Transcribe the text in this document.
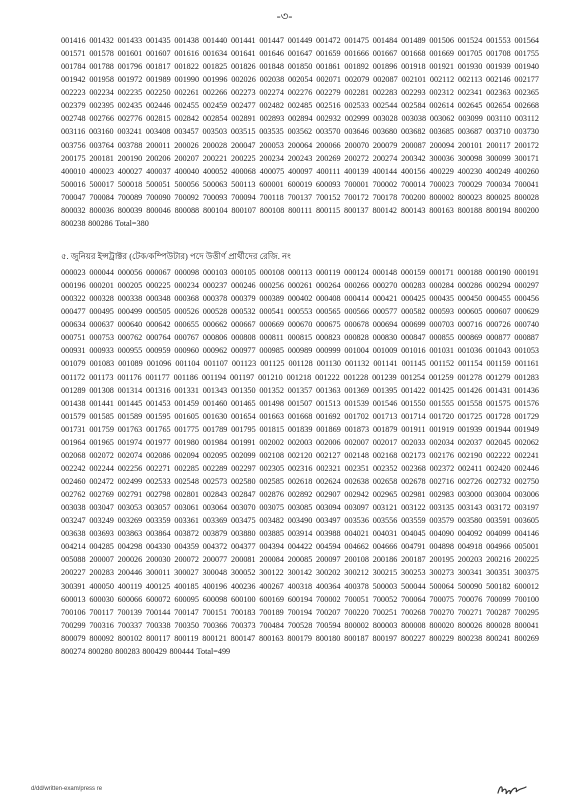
-৩-
001416 001432 001433 001435 001438 001440 001441 001447 001449 001472 001475 001484 001489 001506 001524 001553 001564 001571 001578 001601 001607 001616 001634 001641 001646 001647 001659 001666 001667 001668 001669 001705 001708 001755 001784 001788 001796 001817 001822 001825 001826 001848 001850 001861 001892 001896 001918 001921 001930 001939 001940 001942 001958 001972 001989 001990 001996 002026 002038 002054 002071 002079 002087 002101 002112 002113 002146 002177 002223 002234 002235 002250 002261 002266 002273 002274 002276 002279 002281 002283 002293 002312 002341 002363 002365 002379 002395 002435 002446 002455 002459 002477 002482 002485 002516 002533 002544 002584 002614 002645 002654 002668 002748 002766 002776 002815 002842 002854 002891 002893 002894 002932 002999 003028 003038 003062 003099 003110 003112 003116 003160 003241 003408 003457 003503 003515 003535 003562 003570 003646 003680 003682 003685 003687 003710 003730 003756 003764 003788 200011 200026 200028 200047 200053 200064 200066 200070 200079 200087 200094 200101 200117 200172 200175 200181 200190 200206 200207 200221 200225 200234 200243 200269 200272 200274 200342 300036 300098 300099 300171 400010 400023 400027 400037 400040 400052 400068 400075 400097 400111 400139 400144 400156 400229 400230 400249 400260 500016 500017 500018 500051 500056 500063 500113 600001 600019 600093 700001 700002 700014 700023 700029 700034 700041 700047 700084 700089 700090 700092 700093 700094 700118 700137 700152 700172 700178 700200 800002 800023 800025 800028 800032 800036 800039 800046 800088 800104 800107 800108 800111 800115 800137 800142 800143 800163 800188 800194 800200 800238 800286 Total=380
৫. জুনিয়র ইন্সট্রাক্টর (টেক/কম্পিউটার) পদে উত্তীর্ণ প্রার্থীদের রেজি. নং
000023 000044 000056 000067 000098 000103 000105 000108 000113 000119 000124 000148 000159 000171 000188 000190 000191 000196 000201 000205 000225 000234 000237 000246 000256 000261 000264 000266 000270 000283 000284 000286 000294 000297 000322 000328 000338 000348 000368 000378 000379 000389 000402 000408 000414 000421 000425 000435 000450 000455 000456 000477 000495 000499 000505 000526 000528 000532 000541 000553 000565 000566 000577 000582 000593 000605 000607 000629 000634 000637 000640 000642 000655 000662 000667 000669 000670 000675 000678 000694 000699 000703 000716 000726 000740 000751 000753 000762 000764 000767 000806 000808 000811 000815 000823 000828 000830 000847 000855 000869 000877 000887 000931 000933 000955 000959 000960 000962 000977 000985 000989 000999 001004 001009 001016 001031 001036 001043 001053 001079 001083 001089 001096 001104 001107 001123 001125 001128 001130 001132 001141 001145 001152 001154 001159 001161 001172 001173 001176 001177 001186 001194 001197 001210 001218 001222 001228 001239 001254 001259 001278 001279 001283 001289 001308 001314 001316 001331 001343 001350 001352 001357 001363 001369 001395 001422 001425 001426 001431 001436 001438 001441 001445 001453 001459 001460 001465 001498 001507 001513 001539 001546 001550 001555 001558 001575 001576 001579 001585 001589 001595 001605 001630 001654 001663 001668 001692 001702 001713 001714 001720 001725 001728 001729 001731 001759 001763 001765 001775 001789 001795 001815 001839 001869 001873 001879 001911 001919 001939 001944 001949 001964 001965 001974 001977 001980 001984 001991 002002 002003 002006 002007 002017 002033 002034 002037 002045 002062 002068 002072 002074 002086 002094 002095 002099 002108 002120 002127 002148 002168 002173 002176 002190 002222 002241 002242 002244 002256 002271 002285 002289 002297 002305 002316 002321 002351 002352 002368 002372 002411 002420 002446 002460 002472 002499 002533 002548 002573 002580 002585 002618 002624 002638 002658 002678 002716 002726 002732 002750 002762 002769 002791 002798 002801 002843 002847 002876 002892 002907 002942 002965 002981 002983 003000 003004 003006 003038 003047 003053 003057 003061 003064 003070 003075 003085 003094 003097 003121 003122 003135 003143 003172 003197 003247 003249 003269 003359 003361 003369 003475 003482 003490 003497 003536 003556 003559 003579 003580 003591 003605 003638 003693 003863 003864 003872 003879 003880 003885 003914 003988 004021 004031 004045 004090 004092 004099 004146 004214 004285 004298 004330 004359 004372 004377 004394 004422 004594 004662 004666 004791 004898 004918 004966 005001 005088 200007 200026 200030 200072 200077 200081 200084 200085 200097 200108 200186 200187 200195 200203 200216 200225 200227 200283 200446 300011 300027 300048 300052 300122 300142 300202 300212 300215 300253 300273 300341 300351 300375 300391 400050 400119 400125 400185 400196 400236 400267 400318 400364 400378 500003 500044 500064 500090 500182 600012 600013 600030 600066 600072 600095 600098 600100 600169 600194 700002 700051 700052 700064 700075 700076 700099 700100 700106 700117 700139 700144 700147 700151 700183 700189 700194 700207 700220 700251 700268 700270 700271 700287 700295 700299 700316 700337 700338 700350 700366 700373 700484 700528 700594 800002 800003 800008 800020 800026 800028 800041 800079 800092 800102 800117 800119 800121 800147 800163 800179 800180 800187 800197 800227 800229 800238 800241 800269 800274 800280 800283 800429 800444 Total=499
d/dd/written-exam/press re
